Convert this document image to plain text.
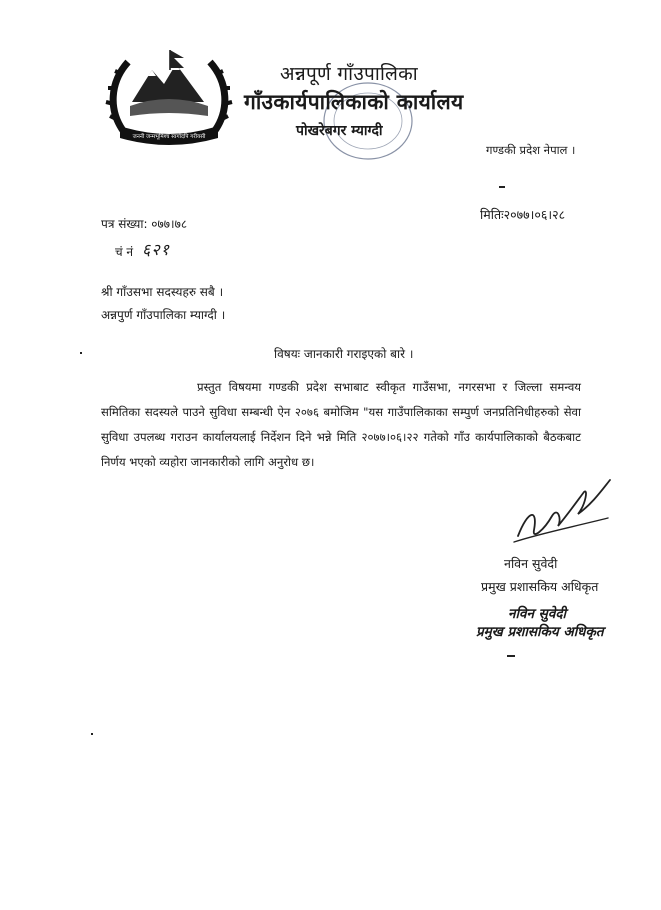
जननी जन्मभूमिश्च स्वर्गादपि गरीयसी
अन्नपूर्ण गाँउपालिका
गाँउकार्यपालिकाको कार्यालय
पोखरेबगर म्याग्दी
गण्डकी प्रदेश नेपाल ।
पत्र संख्या: ०७७।७८
मितिः२०७७।०६।२८
चं नं ६२१
श्री गाँउसभा सदस्यहरु सबै ।
अन्नपुर्ण गाँउपालिका म्याग्दी ।
विषयः जानकारी गराइएको बारे ।
प्रस्तुत विषयमा गण्डकी प्रदेश सभाबाट स्वीकृत गाउँसभा, नगरसभा र जिल्ला समन्वय समितिका सदस्यले पाउने सुविधा सम्बन्धी ऐन २०७६ बमोजिम "यस गाउँपालिकाका सम्पुर्ण जनप्रतिनिधीहरुको सेवा सुविधा उपलब्ध गराउन कार्यालयलाई निर्देशन दिने भन्ने मिति २०७७।०६।२२ गतेको गाँउ कार्यपालिकाको बैठकबाट निर्णय भएको व्यहोरा जानकारीको लागि अनुरोध छ।
नविन सुवेदी
प्रमुख प्रशासकिय अधिकृत
नविन सुवेदी
प्रमुख प्रशासकिय अधिकृत
